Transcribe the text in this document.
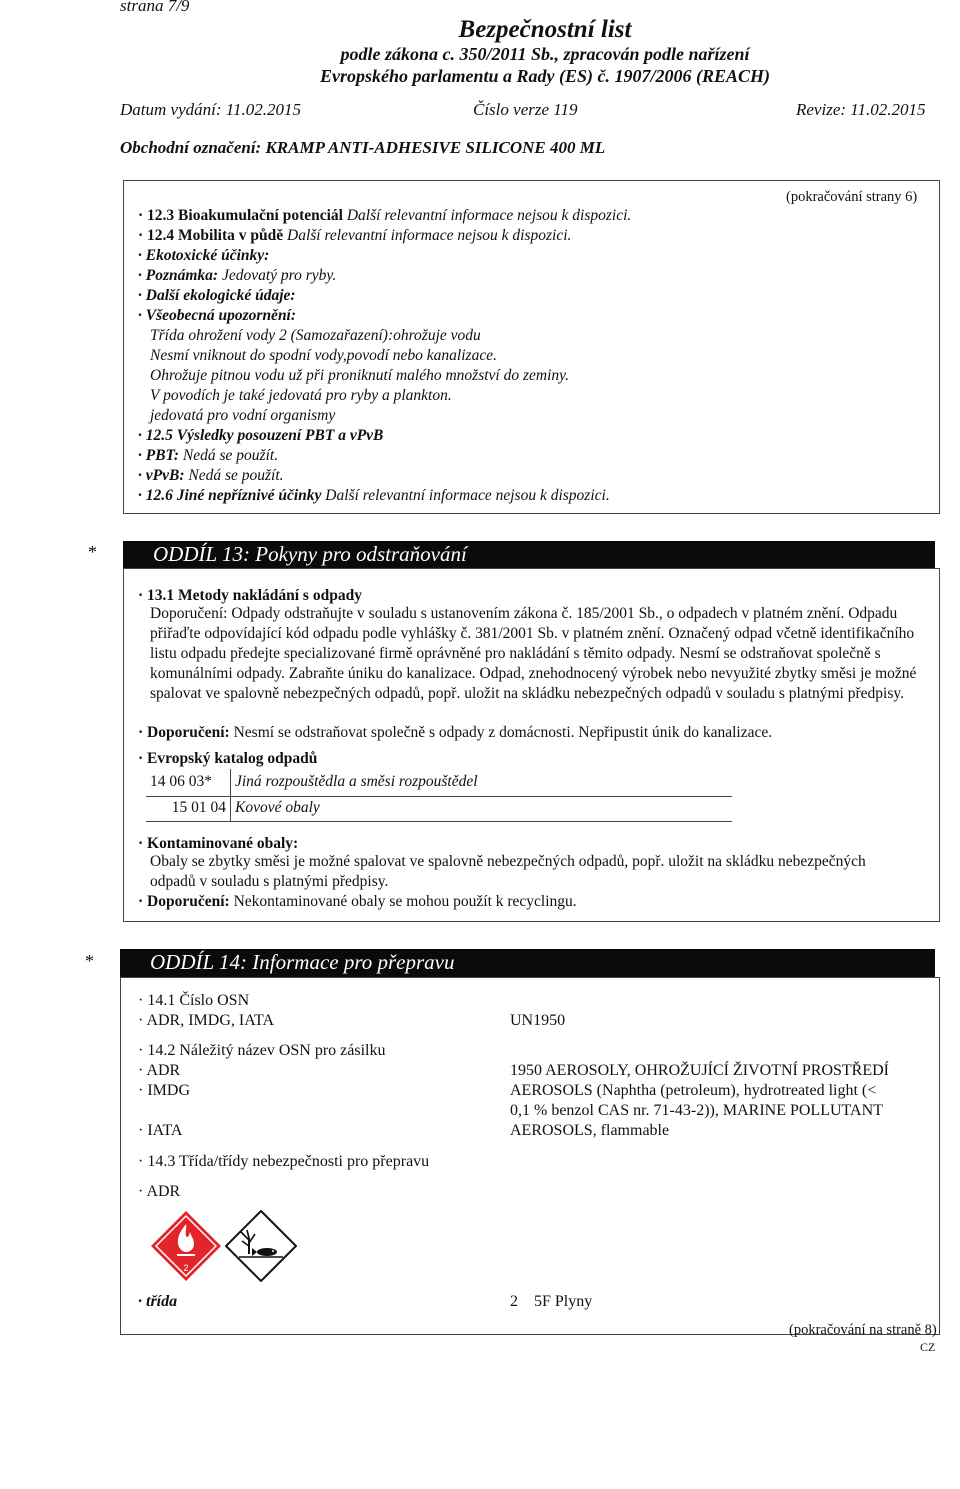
strana 7/9
Bezpečnostní list
podle zákona c. 350/2011 Sb., zpracován podle nařízení
Evropského parlamentu a Rady (ES) č. 1907/2006 (REACH)
Datum vydání: 11.02.2015	Číslo verze 119	Revize: 11.02.2015
Obchodní označení: KRAMP ANTI-ADHESIVE SILICONE 400 ML
(pokračování strany 6)
· 12.3 Bioakumulační potenciál Další relevantní informace nejsou k dispozici.
· 12.4 Mobilita v půdě Další relevantní informace nejsou k dispozici.
· Ekotoxické účinky:
· Poznámka: Jedovatý pro ryby.
· Další ekologické údaje:
· Všeobecná upozornění:
Třída ohrožení vody 2 (Samozařazení):ohrožuje vodu
Nesmí vniknout do spodní vody,povodí nebo kanalizace.
Ohrožuje pitnou vodu už při proniknutí malého množství do zeminy.
V povodích je také jedovatá pro ryby a plankton.
jedovatá pro vodní organismy
· 12.5 Výsledky posouzení PBT a vPvB
· PBT: Nedá se použít.
· vPvB: Nedá se použít.
· 12.6 Jiné nepříznivé účinky Další relevantní informace nejsou k dispozici.
*	ODDÍL 13: Pokyny pro odstraňování
· 13.1 Metody nakládání s odpady
Doporučení: Odpady odstraňujte v souladu s ustanovením zákona č. 185/2001 Sb., o odpadech v platném znění. Odpadu přiřaďte odpovídající kód odpadu podle vyhlášky č. 381/2001 Sb. v platném znění. Označený odpad včetně identifikačního listu odpadu předejte specializované firmě oprávněné pro nakládání s těmito odpady. Nesmí se odstraňovat společně s komunálními odpady. Zabraňte úniku do kanalizace. Odpad, znehodnocený výrobek nebo nevyužité zbytky směsi je možné spalovat ve spalovně nebezpečných odpadů, popř. uložit na skládku nebezpečných odpadů v souladu s platnými předpisy.
· Doporučení: Nesmí se odstraňovat společně s odpady z domácnosti. Nepřipustit únik do kanalizace.
· Evropský katalog odpadů
14 06 03*	Jiná rozpouštědla a směsi rozpouštědel
15 01 04	Kovové obaly
· Kontaminované obaly:
Obaly se zbytky směsi je možné spalovat ve spalovně nebezpečných odpadů, popř. uložit na skládku nebezpečných odpadů v souladu s platnými předpisy.
· Doporučení: Nekontaminované obaly se mohou použít k recyclingu.
*	ODDÍL 14: Informace pro přepravu
· 14.1 Číslo OSN
· ADR, IMDG, IATA	UN1950
· 14.2 Náležitý název OSN pro zásilku
· ADR	1950 AEROSOLY, OHROŽUJÍCÍ ŽIVOTNÍ PROSTŘEDÍ
· IMDG	AEROSOLS (Naphtha (petroleum), hydrotreated light (<
0,1 % benzol CAS nr. 71-43-2)), MARINE POLLUTANT
· IATA	AEROSOLS, flammable
· 14.3 Třída/třídy nebezpečnosti pro přepravu
· ADR
2
· třída	2    5F Plyny
(pokračování na straně 8)
CZ
